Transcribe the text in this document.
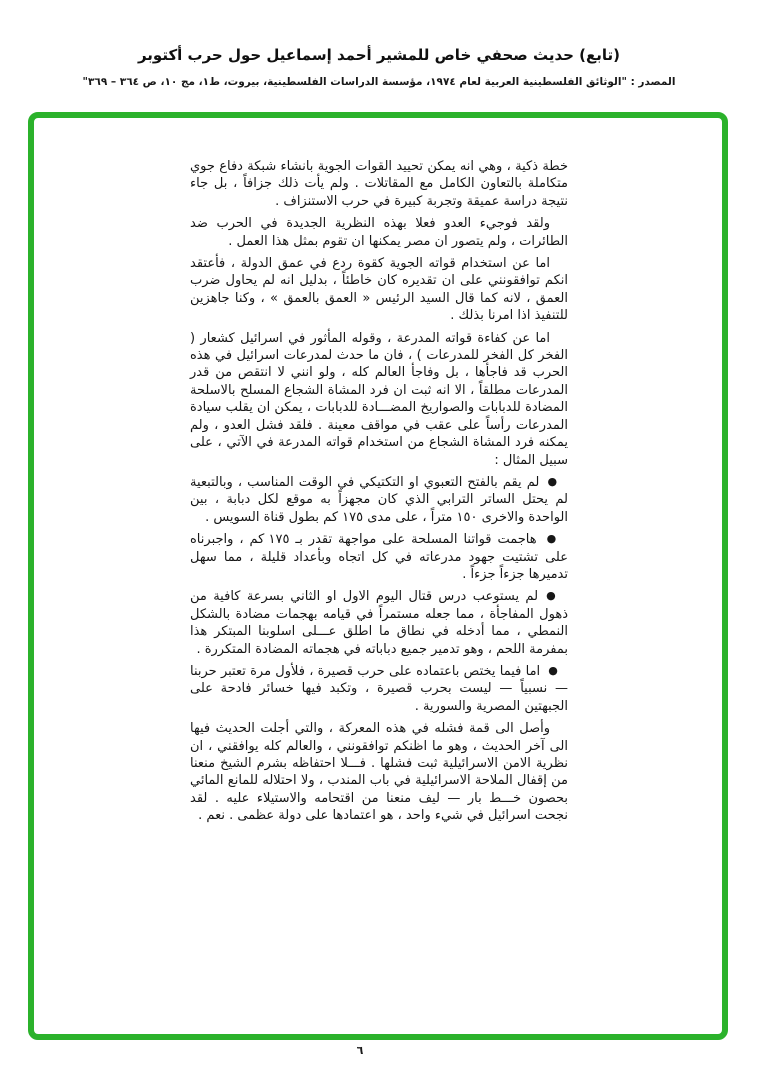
(تابع) حديث صحفي خاص للمشير أحمد إسماعيل حول حرب أكتوبر
المصدر : "الوثائق الفلسطينية العربية لعام ١٩٧٤، مؤسسة الدراسات الفلسطينية، بيروت، ط١، مج ١٠، ص ٣٦٤ – ٣٦٩"

خطة ذكية ، وهي انه يمكن تحييد القوات الجوية بانشاء شبكة دفاع جوي متكاملة بالتعاون الكامل مع المقاتلات . ولم يأت ذلك جزافاً ، بل جاء نتيجة دراسة عميقة وتجربة كبيرة في حرب الاستنزاف .

ولقد فوجيء العدو فعلا بهذه النظرية الجديدة في الحرب ضد الطائرات ، ولم يتصور ان مصر يمكنها ان تقوم بمثل هذا العمل .

اما عن استخدام قواته الجوية كقوة ردع في عمق الدولة ، فأعتقد انكم توافقونني على ان تقديره كان خاطئاً ، بدليل انه لم يحاول ضرب العمق ، لانه كما قال السيد الرئيس « العمق بالعمق » ، وكنا جاهزين للتنفيذ اذا امرنا بذلك .

اما عن كفاءة قواته المدرعة ، وقوله المأثور في اسرائيل كشعار ( الفخر كل الفخر للمدرعات ) ، فان ما حدث لمدرعات اسرائيل في هذه الحرب قد فاجأها ، بل وفاجأ العالم كله ، ولو انني لا انتقص من قدر المدرعات مطلقاً ، الا انه ثبت ان فرد المشاة الشجاع المسلح بالاسلحة المضادة للدبابات والصواريخ المضـــادة للدبابات ، يمكن ان يقلب سيادة المدرعات رأساً على عقب في مواقف معينة . فلقد فشل العدو ، ولم يمكنه فرد المشاة الشجاع من استخدام قواته المدرعة في الآتي ، على سبيل المثال :

● لم يقم بالفتح التعبوي او التكتيكي في الوقت المناسب ، وبالتبعية لم يحتل الساتر الترابي الذي كان مجهزاً به موقع لكل دبابة ، بين الواحدة والاخرى ١٥٠ متراً ، على مدى ١٧٥ كم بطول قناة السويس .

● هاجمت قواتنا المسلحة على مواجهة تقدر بـ ١٧٥ كم ، واجبرناه على تشتيت جهود مدرعاته في كل اتجاه وبأعداد قليلة ، مما سهل تدميرها جزءاً جزءاً .

● لم يستوعب درس قتال اليوم الاول او الثاني بسرعة كافية من ذهول المفاجأة ، مما جعله مستمراً في قيامه بهجمات مضادة بالشكل النمطي ، مما أدخله في نطاق ما اطلق عـــلى اسلوبنا المبتكر هذا بمفرمة اللحم ، وهو تدمير جميع دباباته في هجماته المضادة المتكررة .

● اما فيما يختص باعتماده على حرب قصيرة ، فلأول مرة تعتبر حربنا — نسبياً — ليست بحرب قصيرة ، وتكبد فيها خسائر فادحة على الجبهتين المصرية والسورية .

وأصل الى قمة فشله في هذه المعركة ، والتي أجلت الحديث فيها الى آخر الحديث ، وهو ما اظنكم توافقونني ، والعالم كله يوافقني ، ان نظرية الامن الاسرائيلية ثبت فشلها . فـــلا احتفاظه بشرم الشيخ منعنا من إقفال الملاحة الاسرائيلية في باب المندب ، ولا احتلاله للمانع المائي بحصون خـــط بار — ليف منعنا من اقتحامه والاستيلاء عليه . لقد نجحت اسرائيل في شيء واحد ، هو اعتمادها على دولة عظمى . نعم .

٦
